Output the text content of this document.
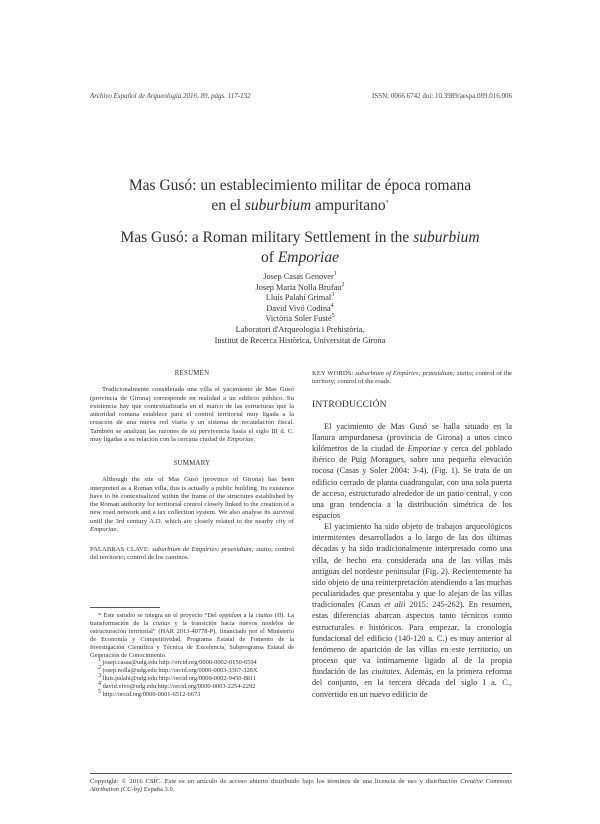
Archivo Español de Arqueología 2016, 89, págs. 117-132	ISSN: 0066 6742 doi: 10.3989/aespa.089.016.006
Mas Gusó: un establecimiento militar de época romana
en el suburbium ampuritano*
Mas Gusó: a Roman military Settlement in the suburbium
of Emporiae
Josep Casas Genover$^1$
Josep Maria Nolla Brufau$^2$
Lluís Palahí Grimal$^3$
David Vivó Codina$^4$
Victòria Soler Fusté$^5$
Laboratori d'Arqueologia i Prehistòria,
Institut de Recerca Històrica, Universitat de Girona
RESUMEN

Tradicionalmente considerada una villa el yacimiento de Mas Gusó (provincia de Girona) corresponde en realidad a un edificio público. Su existencia hay que contextualizarla en el marco de las estructuras que la autoridad romana establece para el control territorial muy ligada a la creación de una nueva red viaria y un sistema de recaudación fiscal. También se analizan las razones de su pervivencia hasta el siglo III d. C. muy ligadas a su relación con la cercana ciudad de Emporiae.

SUMMARY

Although the site of Mas Gusó (province of Girona) has been interpreted as a Roman villa, this is actually a public building. Its existence have to be contextualized within the frame of the structures established by the Roman authority for territorial control closely linked to the creation of a new road network and a tax collection system. We also analyse its survival until the 3rd century A.D. which are closely related to the nearby city of Emporiae.

PALABRAS CLAVE: suburbium de Empúries; praesidium; statio; control del territorio; control de los caminos.

KEY WORDS: suburbium of Empúries; praesidium; statio; control of the territory; control of the roads.

INTRODUCCIÓN

El yacimiento de Mas Gusó se halla situado en la llanura ampurdanesa (provincia de Girona) a unos cinco kilómetros de la ciudad de Emporiae y cerca del poblado ibérico de Puig Moragues, sobre una pequeña elevación rocosa (Casas y Soler 2004: 3-4), (Fig. 1). Se trata de un edificio cerrado de planta cuadrangular, con una sola puerta de acceso, estructurado alrededor de un patio central, y con una gran tendencia a la distribución simétrica de los espacios

El yacimiento ha sido objeto de trabajos arqueológicos intermitentes desarrollados a lo largo de las dos últimas décadas y ha sido tradicionalmente interpretado como una villa, de hecho era considerada una de las villas más antiguas del nordeste peninsular (Fig. 2). Recientemente ha sido objeto de una reinterpretación atendiendo a las muchas peculiaridades que presentaba y que lo alejan de las villas tradicionales (Casas et alii 2015: 245-262). En resumen, estas diferencias abarcan aspectos tanto técnicos como estructurales e históricos. Para empezar, la cronología fundacional del edificio (140-120 a. C.) es muy anterior al fenómeno de aparición de las villas en este territorio, un proceso que va íntimamente ligado al de la propia fundación de las ciuitates. Además, en la primera reforma del conjunto, en la tercera década del siglo I a. C., convertido en un nuevo edificio de

* Este estudio se integra en el proyecto “Del oppidum a la ciuitas (II). La transformación de la ciuitas y la transición hacia nuevos modelos de estructuración territorial” (HAR 2013-40778-P), financiado por el Ministerio de Economía y Competitividad, Programa Estatal de Fomento de la Investigación Científica y Técnica de Excelencia, Subprograma Estatal de Generación de Conocimiento.

1 josep.casas@udg.edu http://orcid.org/0000-0002-0150-6594

2 josep.nolla@udg.edu http://orcid.org/0000-0003-3367-328X

3 lluis.palahi@udg.edu http://orcid.org/0000-0002-9450-8811

4 david.vivo@udg.edu http://orcid.org/0000-0003-2254-2292

5 http://orcid.org/0000-0001-6512-6673

Copyright: © 2016 CSIC. Este es un artículo de acceso abierto distribuido bajo los términos de una licencia de uso y distribución Creative Commons Attribution (CC-by) España 3.0.
